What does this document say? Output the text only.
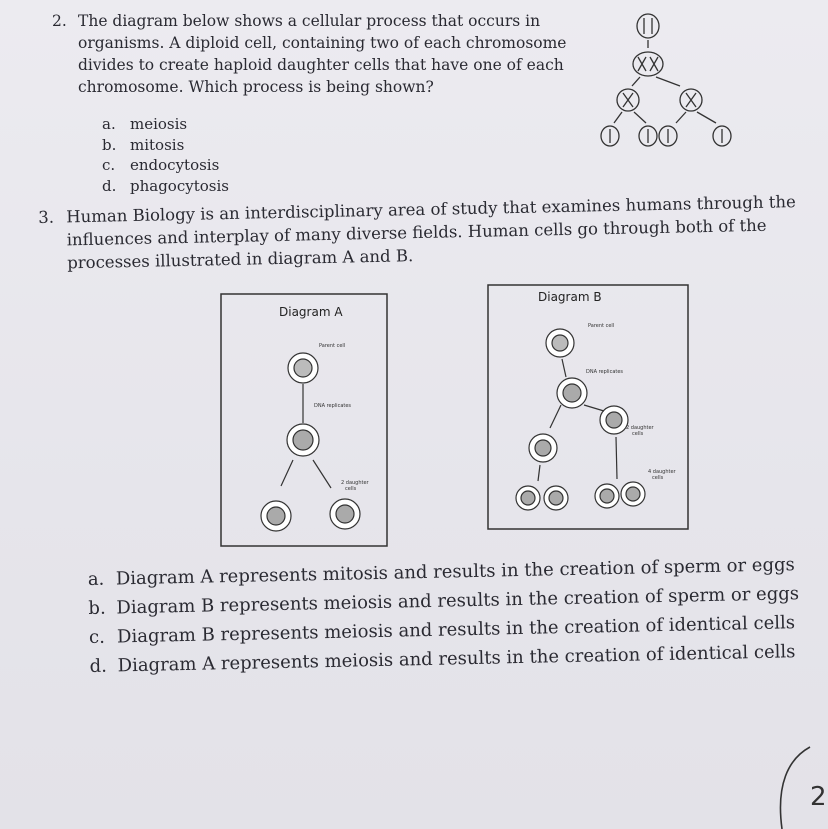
2. The diagram below shows a cellular process that occurs in organisms. A diploid cell, containing two of each chromosome divides to create haploid daughter cells that have one of each chromosome. Which process is being shown?

a. meiosis
b. mitosis
c. endocytosis
d. phagocytosis

3. Human Biology is an interdisciplinary area of study that examines humans through the influences and interplay of many diverse fields. Human cells go through both of the processes illustrated in diagram A and B.

a. Diagram A represents mitosis and results in the creation of sperm or eggs
b. Diagram B represents meiosis and results in the creation of sperm or eggs
c. Diagram B represents meiosis and results in the creation of identical cells
d. Diagram A represents meiosis and results in the creation of identical cells
Diagram A
Parent cell
DNA replicates
2 daughter
cells
Diagram B
Parent cell
DNA replicates
2 daughter
cells
4 daughter
cells
2
